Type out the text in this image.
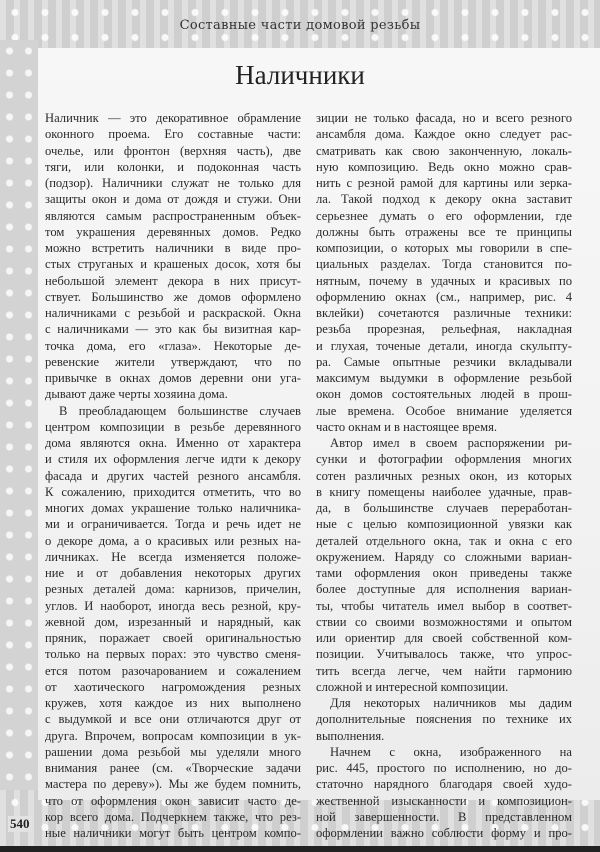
Составные части домовой резьбы
Наличники
Наличник — это декоративное обрамление
оконного проема. Его составные части:
очелье, или фронтон (верхняя часть), две
тяги, или колонки, и подоконная часть
(подзор). Наличники служат не только для
защиты окон и дома от дождя и стужи. Они
являются самым распространенным объек-
том украшения деревянных домов. Редко
можно встретить наличники в виде про-
стых струганых и крашеных досок, хотя бы
небольшой элемент декора в них присут-
ствует. Большинство же домов оформлено
наличниками с резьбой и раскраской. Окна
с наличниками — это как бы визитная кар-
точка дома, его «глаза». Некоторые де-
ревенские жители утверждают, что по
привычке в окнах домов деревни они уга-
дывают даже черты хозяина дома.
В преобладающем большинстве случаев
центром композиции в резьбе деревянного
дома являются окна. Именно от характера
и стиля их оформления легче идти к декору
фасада и других частей резного ансамбля.
К сожалению, приходится отметить, что во
многих домах украшение только наличника-
ми и ограничивается. Тогда и речь идет не
о декоре дома, а о красивых или резных на-
личниках. Не всегда изменяется положе-
ние и от добавления некоторых других
резных деталей дома: карнизов, причелин,
углов. И наоборот, иногда весь резной, кру-
жевной дом, изрезанный и нарядный, как
пряник, поражает своей оригинальностью
только на первых порах: это чувство сменя-
ется потом разочарованием и сожалением
от хаотического нагромождения резных
кружев, хотя каждое из них выполнено
с выдумкой и все они отличаются друг от
друга. Впрочем, вопросам композиции в ук-
рашении дома резьбой мы уделяли много
внимания ранее (см. «Творческие задачи
мастера по дереву»). Мы же будем помнить,
что от оформления окон зависит часто де-
кор всего дома. Подчеркнем также, что рез-
ные наличники могут быть центром компо-
зиции не только фасада, но и всего резного
ансамбля дома. Каждое окно следует рас-
сматривать как свою законченную, локаль-
ную композицию. Ведь окно можно срав-
нить с резной рамой для картины или зерка-
ла. Такой подход к декору окна заставит
серьезнее думать о его оформлении, где
должны быть отражены все те принципы
композиции, о которых мы говорили в спе-
циальных разделах. Тогда становится по-
нятным, почему в удачных и красивых по
оформлению окнах (см., например, рис. 4
вклейки) сочетаются различные техники:
резьба прорезная, рельефная, накладная
и глухая, точеные детали, иногда скульпту-
ра. Самые опытные резчики вкладывали
максимум выдумки в оформление резьбой
окон домов состоятельных людей в прош-
лые времена. Особое внимание уделяется
часто окнам и в настоящее время.
Автор имел в своем распоряжении ри-
сунки и фотографии оформления многих
сотен различных резных окон, из которых
в книгу помещены наиболее удачные, прав-
да, в большинстве случаев переработан-
ные с целью композиционной увязки как
деталей отдельного окна, так и окна с его
окружением. Наряду со сложными вариан-
тами оформления окон приведены также
более доступные для исполнения вариан-
ты, чтобы читатель имел выбор в соответ-
ствии со своими возможностями и опытом
или ориентир для своей собственной ком-
позиции. Учитывалось также, что упрос-
тить всегда легче, чем найти гармонию
сложной и интересной композиции.
Для некоторых наличников мы дадим
дополнительные пояснения по технике их
выполнения.
Начнем с окна, изображенного на
рис. 445, простого по исполнению, но до-
статочно нарядного благодаря своей худо-
жественной изысканности и композицион-
ной завершенности. В представленном
оформлении важно соблюсти форму и про-
540
